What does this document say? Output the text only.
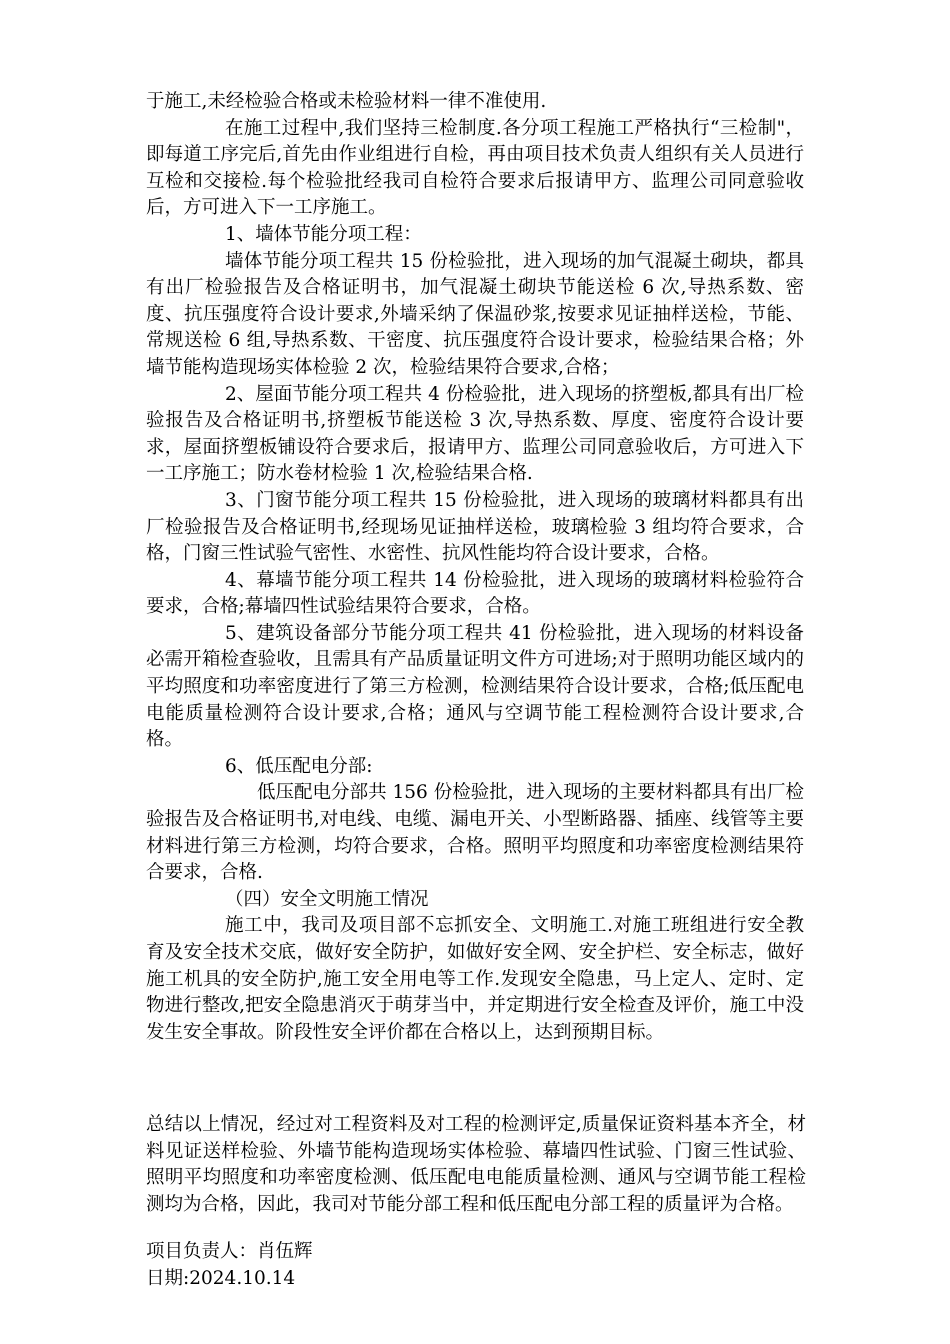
于施工,未经检验合格或未检验材料一律不准使用.

在施工过程中,我们坚持三检制度.各分项工程施工严格执行“三检制"，即每道工序完后,首先由作业组进行自检，再由项目技术负责人组织有关人员进行互检和交接检.每个检验批经我司自检符合要求后报请甲方、监理公司同意验收后，方可进入下一工序施工。

1、墙体节能分项工程：

墙体节能分项工程共 15 份检验批，进入现场的加气混凝土砌块，都具有出厂检验报告及合格证明书，加气混凝土砌块节能送检 6 次,导热系数、密度、抗压强度符合设计要求,外墙采纳了保温砂浆,按要求见证抽样送检，节能、常规送检 6 组,导热系数、干密度、抗压强度符合设计要求，检验结果合格；外墙节能构造现场实体检验 2 次，检验结果符合要求,合格；

2、屋面节能分项工程共 4 份检验批，进入现场的挤塑板,都具有出厂检验报告及合格证明书,挤塑板节能送检 3 次,导热系数、厚度、密度符合设计要求，屋面挤塑板铺设符合要求后，报请甲方、监理公司同意验收后，方可进入下一工序施工；防水卷材检验 1 次,检验结果合格.

3、门窗节能分项工程共 15 份检验批，进入现场的玻璃材料都具有出厂检验报告及合格证明书,经现场见证抽样送检，玻璃检验 3 组均符合要求，合格，门窗三性试验气密性、水密性、抗风性能均符合设计要求，合格。

4、幕墙节能分项工程共 14 份检验批，进入现场的玻璃材料检验符合要求，合格;幕墙四性试验结果符合要求，合格。

5、建筑设备部分节能分项工程共 41 份检验批，进入现场的材料设备必需开箱检查验收，且需具有产品质量证明文件方可进场;对于照明功能区域内的平均照度和功率密度进行了第三方检测，检测结果符合设计要求，合格;低压配电电能质量检测符合设计要求,合格；通风与空调节能工程检测符合设计要求,合格。

6、低压配电分部:

低压配电分部共 156 份检验批，进入现场的主要材料都具有出厂检验报告及合格证明书,对电线、电缆、漏电开关、小型断路器、插座、线管等主要材料进行第三方检测，均符合要求，合格。照明平均照度和功率密度检测结果符合要求，合格.

（四）安全文明施工情况

施工中，我司及项目部不忘抓安全、文明施工.对施工班组进行安全教育及安全技术交底，做好安全防护，如做好安全网、安全护栏、安全标志，做好施工机具的安全防护,施工安全用电等工作.发现安全隐患，马上定人、定时、定物进行整改,把安全隐患消灭于萌芽当中，并定期进行安全检查及评价，施工中没发生安全事故。阶段性安全评价都在合格以上，达到预期目标。

总结以上情况，经过对工程资料及对工程的检测评定,质量保证资料基本齐全，材料见证送样检验、外墙节能构造现场实体检验、幕墙四性试验、门窗三性试验、照明平均照度和功率密度检测、低压配电电能质量检测、通风与空调节能工程检测均为合格，因此，我司对节能分部工程和低压配电分部工程的质量评为合格。

项目负责人：肖伍辉

日期:2024.10.14
